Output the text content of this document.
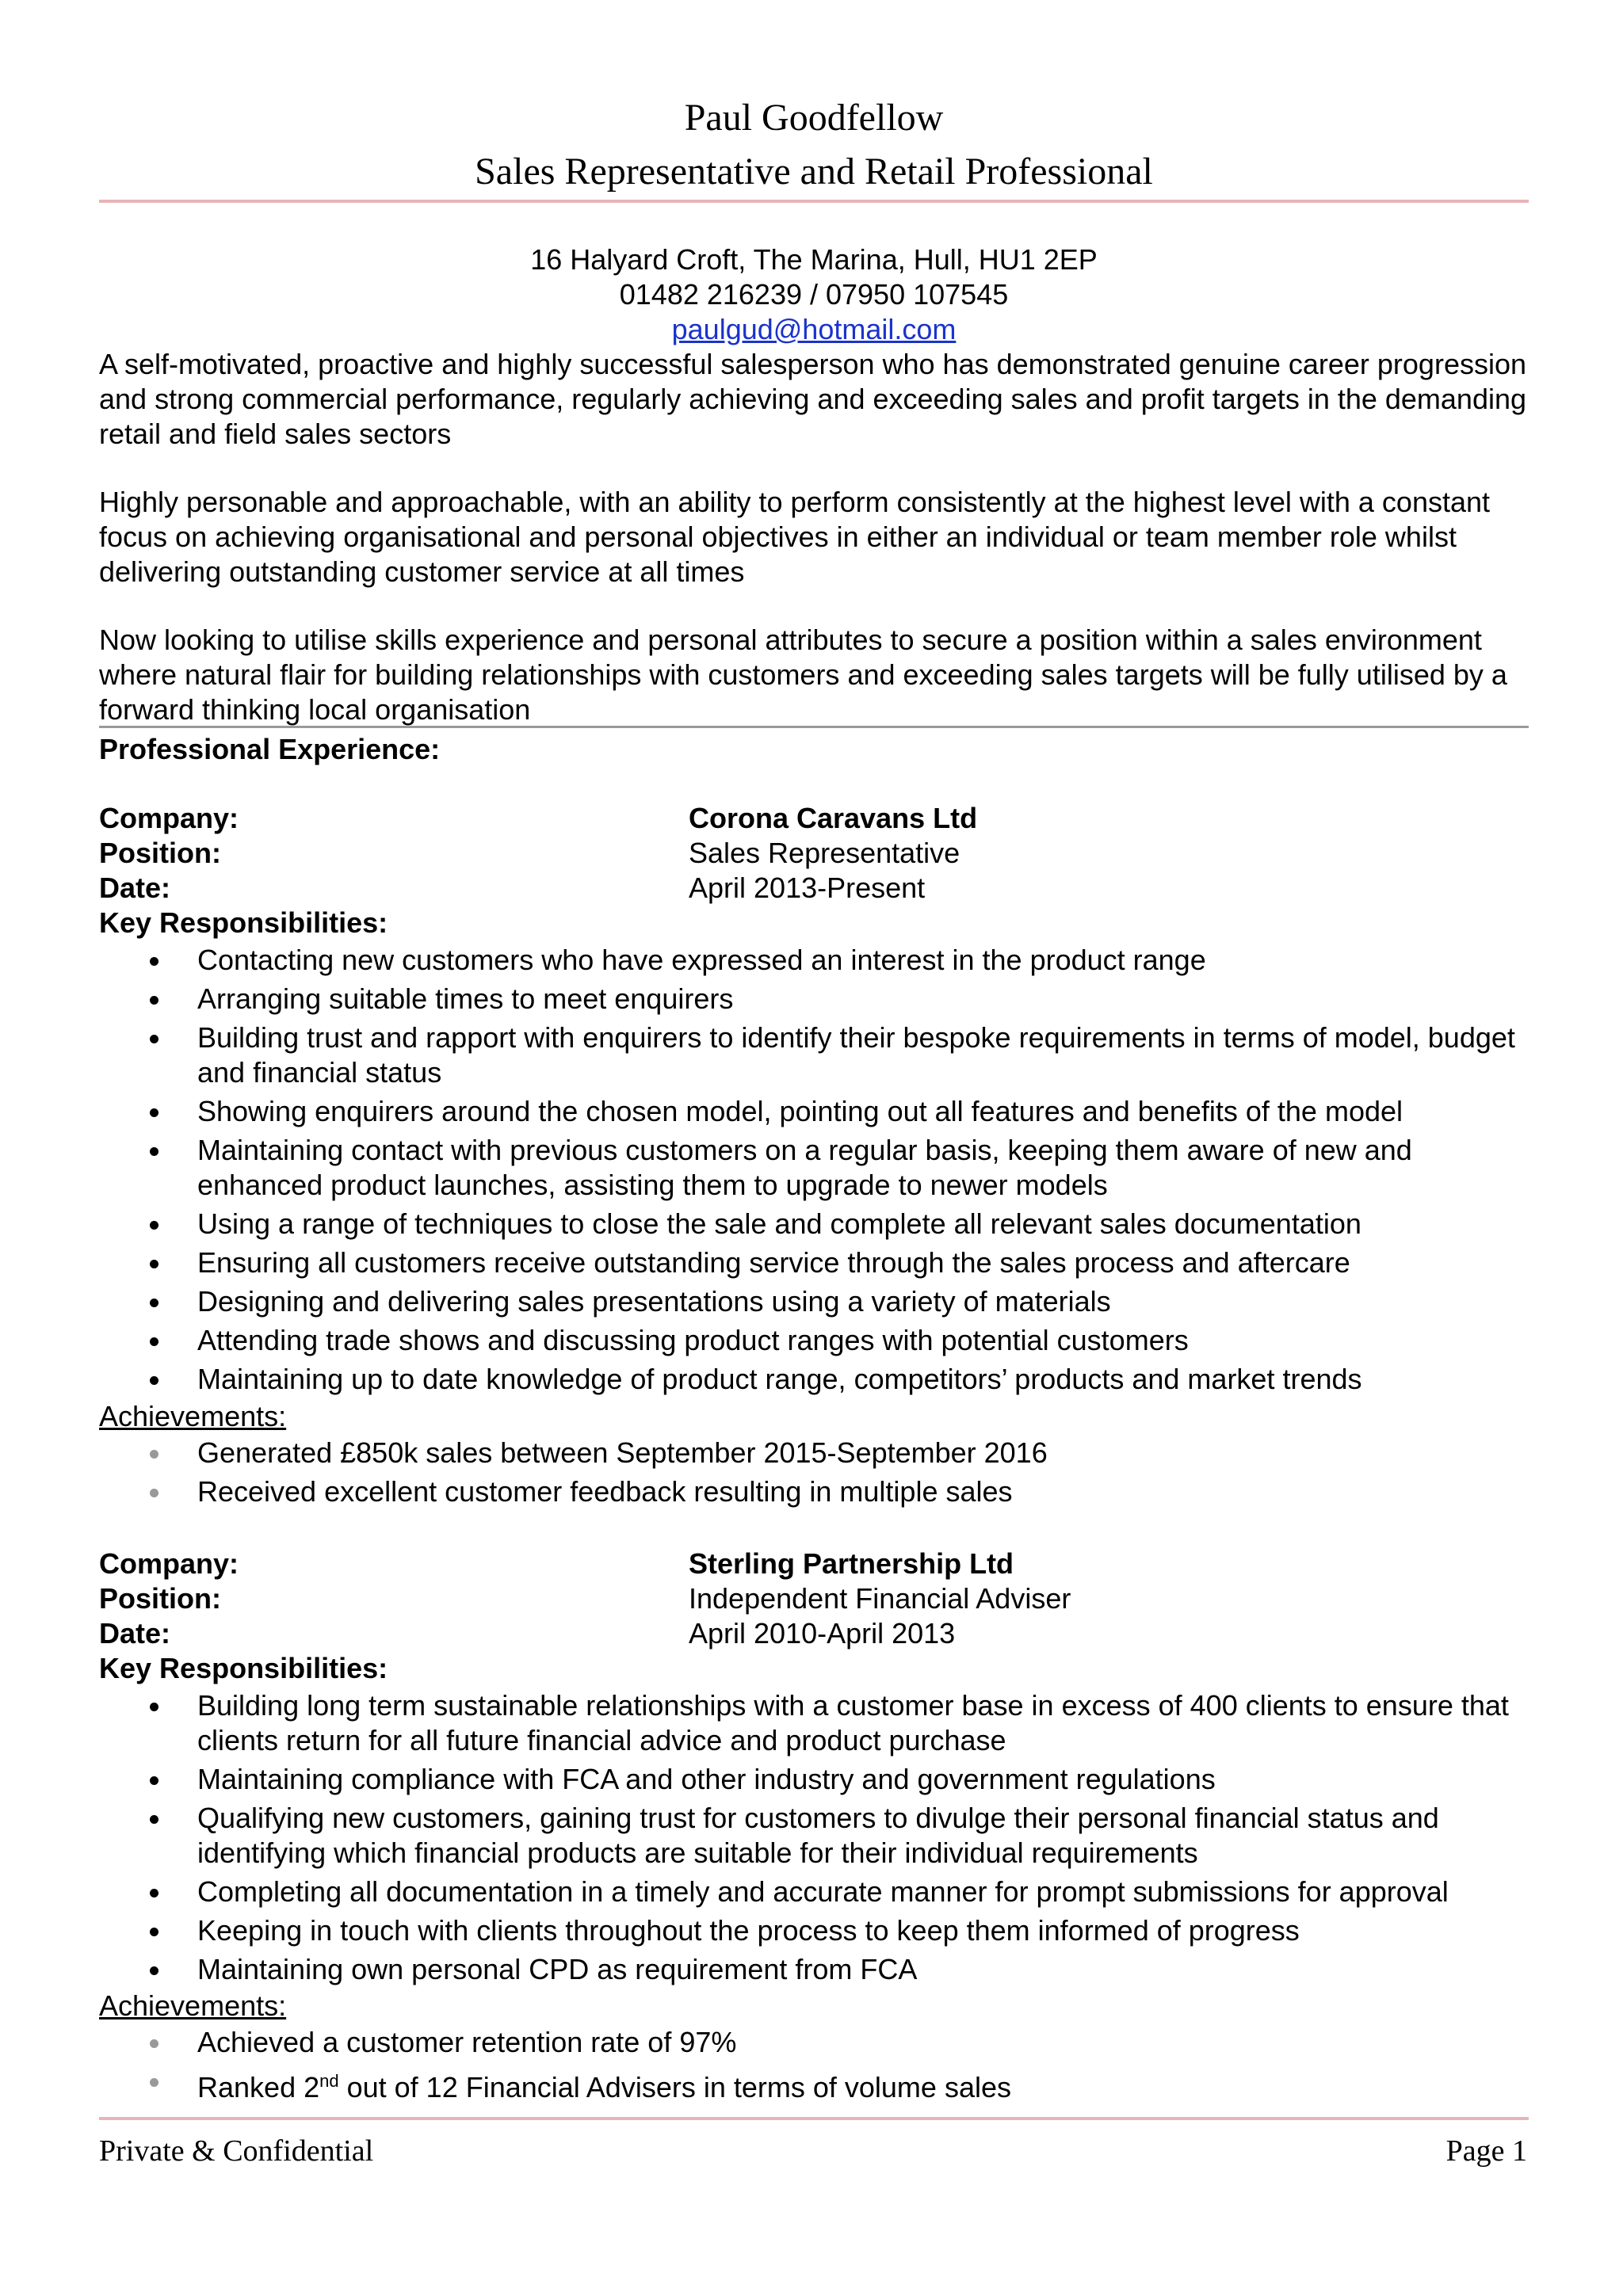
Paul Goodfellow
Sales Representative and Retail Professional
16 Halyard Croft, The Marina, Hull, HU1 2EP
01482 216239 / 07950 107545
paulgud@hotmail.com
A self-motivated, proactive and highly successful salesperson who has demonstrated genuine career progression and strong commercial performance, regularly achieving and exceeding sales and profit targets in the demanding retail and field sales sectors
Highly personable and approachable, with an ability to perform consistently at the highest level with a constant focus on achieving organisational and personal objectives in either an individual or team member role whilst delivering outstanding customer service at all times
Now looking to utilise skills experience and personal attributes to secure a position within a sales environment where natural flair for building relationships with customers and exceeding sales targets will be fully utilised by a forward thinking local organisation
Professional Experience:
Company:	Corona Caravans Ltd
Position:	Sales Representative
Date:	April 2013-Present
Key Responsibilities:
Contacting new customers who have expressed an interest in the product range
Arranging suitable times to meet enquirers
Building trust and rapport with enquirers to identify their bespoke requirements in terms of model, budget and financial status
Showing enquirers around the chosen model, pointing out all features and benefits of the model
Maintaining contact with previous customers on a regular basis, keeping them aware of new and enhanced product launches, assisting them to upgrade to newer models
Using a range of techniques to close the sale and complete all relevant sales documentation
Ensuring all customers receive outstanding service through the sales process and aftercare
Designing and delivering sales presentations using a variety of materials
Attending trade shows and discussing product ranges with potential customers
Maintaining up to date knowledge of product range, competitors’ products and market trends
Achievements:
Generated £850k sales between September 2015-September 2016
Received excellent customer feedback resulting in multiple sales
Company:	Sterling Partnership Ltd
Position:	Independent Financial Adviser
Date:	April 2010-April 2013
Key Responsibilities:
Building long term sustainable relationships with a customer base in excess of 400 clients to ensure that clients return for all future financial advice and product purchase
Maintaining compliance with FCA and other industry and government regulations
Qualifying new customers, gaining trust for customers to divulge their personal financial status and identifying which financial products are suitable for their individual requirements
Completing all documentation in a timely and accurate manner for prompt submissions for approval
Keeping in touch with clients throughout the process to keep them informed of progress
Maintaining own personal CPD as requirement from FCA
Achievements:
Achieved a customer retention rate of 97%
Ranked 2nd out of 12 Financial Advisers in terms of volume sales
Private & Confidential	Page 1
